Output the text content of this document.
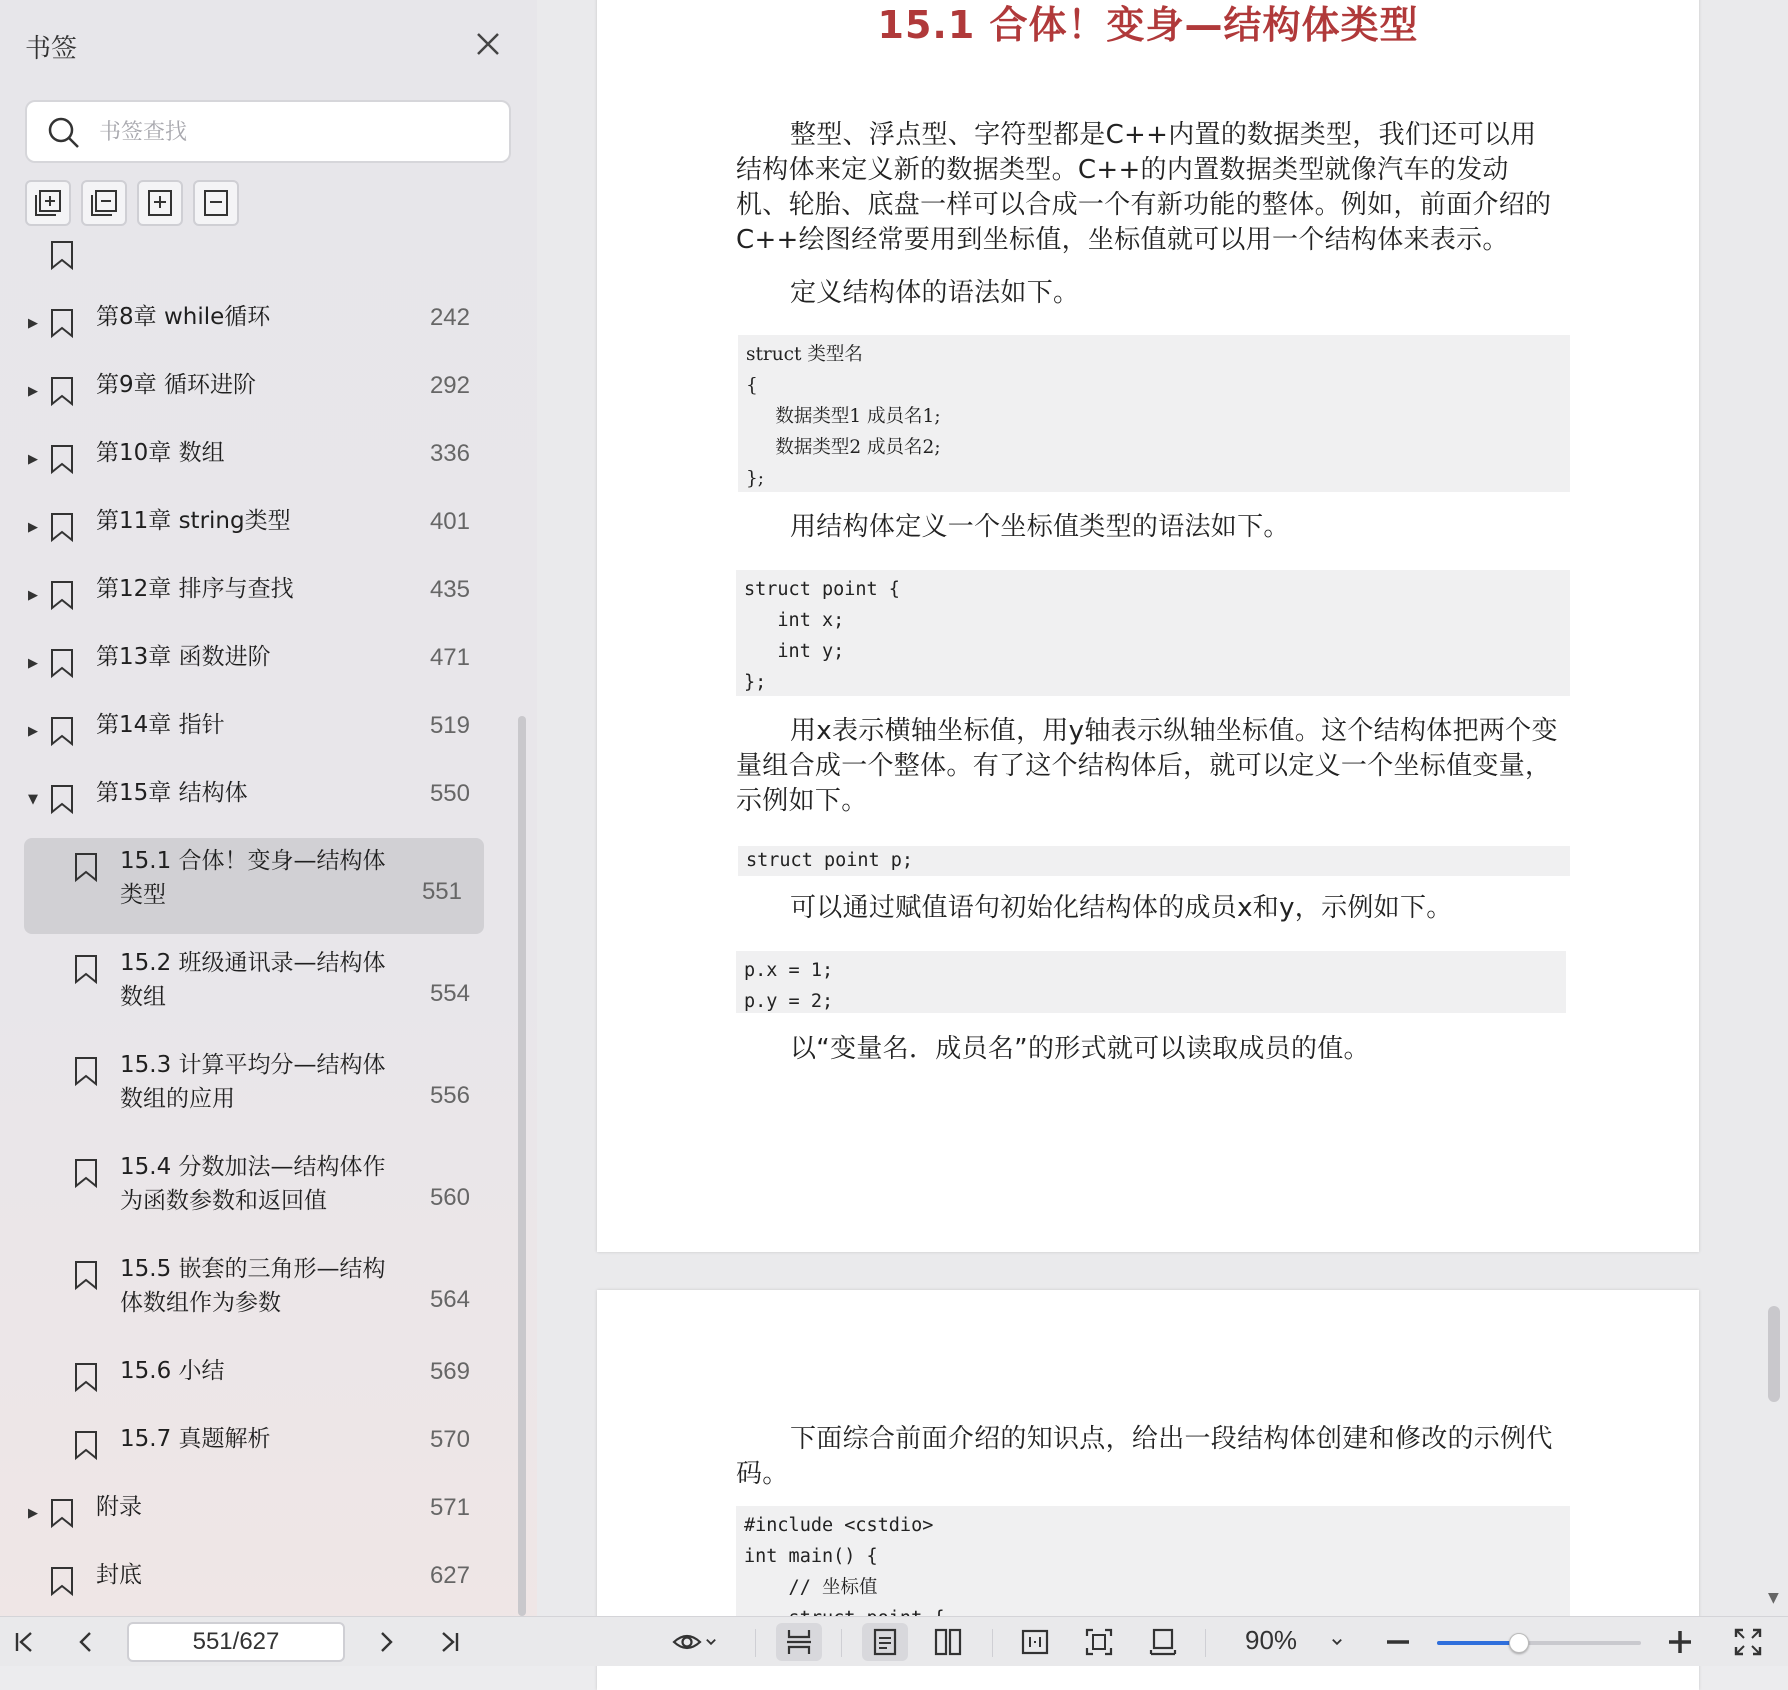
书签
书签查找
▶	第8章 while循环	242
▶	第9章 循环进阶	292
▶	第10章 数组	336
▶	第11章 string类型	401
▶	第12章 排序与查找	435
▶	第13章 函数进阶	471
▶	第14章 指针	519
▼	第15章 结构体	550
15.1 合体！变身—结构体类型	551
15.2 班级通讯录—结构体数组	554
15.3 计算平均分—结构体数组的应用	556
15.4 分数加法—结构体作为函数参数和返回值	560
15.5 嵌套的三角形—结构体数组作为参数	564
15.6 小结	569
15.7 真题解析	570
▶	附录	571
封底	627
15.1 合体！变身—结构体类型
整型、浮点型、字符型都是C++内置的数据类型，我们还可以用结构体来定义新的数据类型。C++的内置数据类型就像汽车的发动机、轮胎、底盘一样可以合成一个有新功能的整体。例如，前面介绍的C++绘图经常要用到坐标值，坐标值就可以用一个结构体来表示。
定义结构体的语法如下。
struct 类型名
{
数据类型1 成员名1;
数据类型2 成员名2;
};
用结构体定义一个坐标值类型的语法如下。
struct point {
int x;
int y;
};
用x表示横轴坐标值，用y轴表示纵轴坐标值。这个结构体把两个变量组合成一个整体。有了这个结构体后，就可以定义一个坐标值变量，示例如下。
struct point p;
可以通过赋值语句初始化结构体的成员x和y，示例如下。
p.x = 1;
p.y = 2;
以“变量名．成员名”的形式就可以读取成员的值。
下面综合前面介绍的知识点，给出一段结构体创建和修改的示例代码。
#include <cstdio>
int main() {
// 坐标值
	▼
551/627	90%
